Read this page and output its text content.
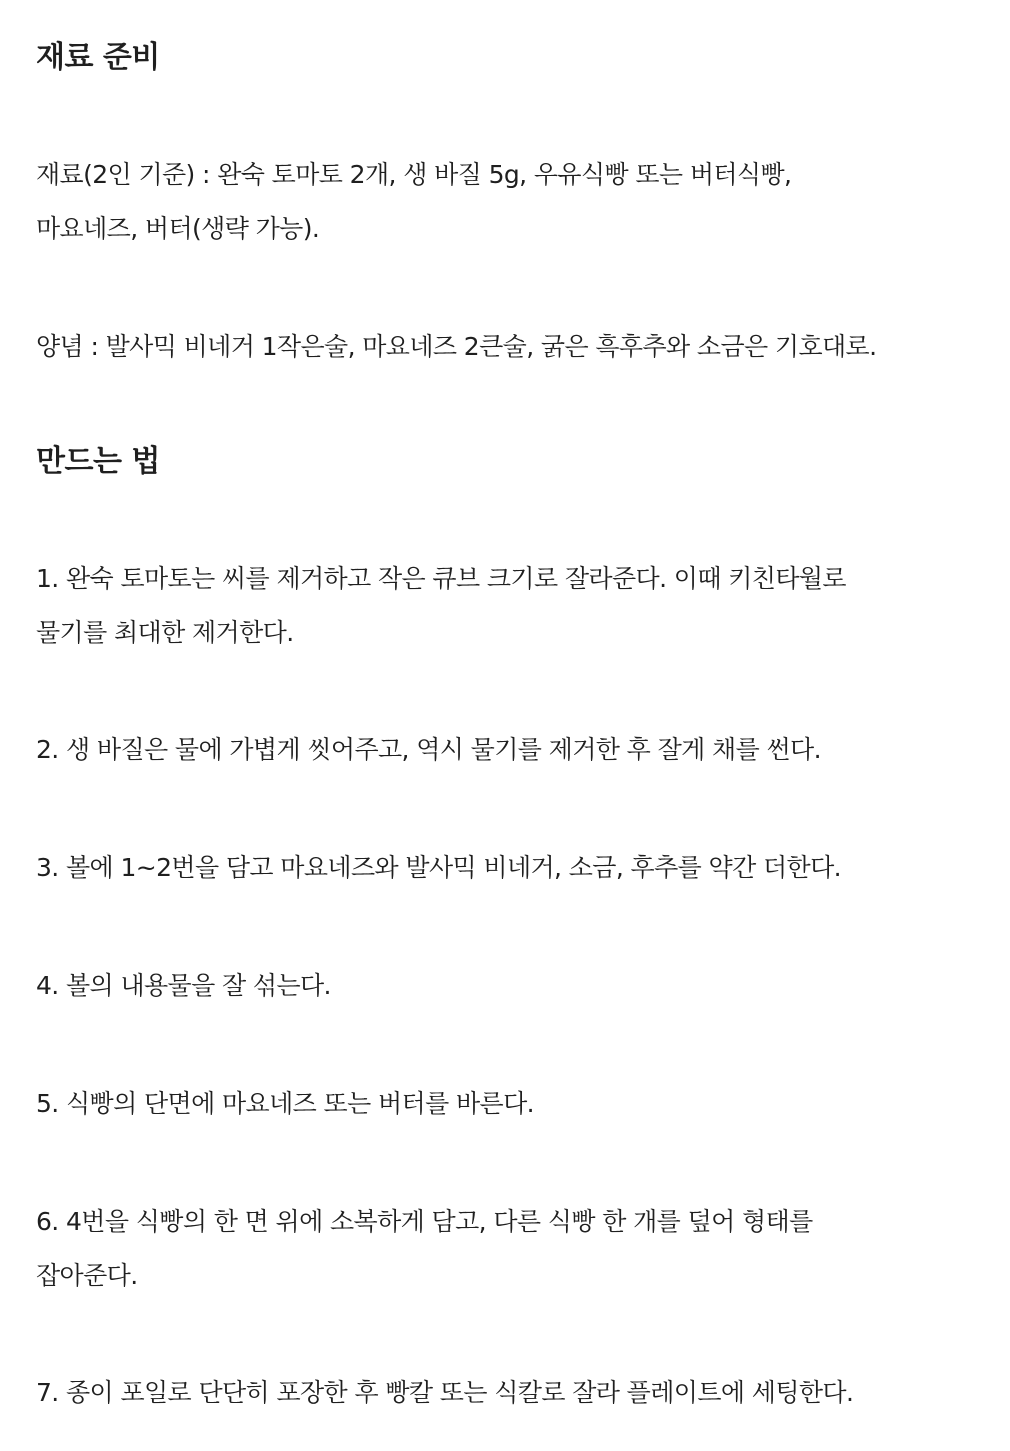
재료 준비

재료(2인 기준) : 완숙 토마토 2개, 생 바질 5g, 우유식빵 또는 버터식빵,
마요네즈, 버터(생략 가능).

양념 : 발사믹 비네거 1작은술, 마요네즈 2큰술, 굵은 흑후추와 소금은 기호대로.

만드는 법

1. 완숙 토마토는 씨를 제거하고 작은 큐브 크기로 잘라준다. 이때 키친타월로
물기를 최대한 제거한다.

2. 생 바질은 물에 가볍게 씻어주고, 역시 물기를 제거한 후 잘게 채를 썬다.

3. 볼에 1~2번을 담고 마요네즈와 발사믹 비네거, 소금, 후추를 약간 더한다.

4. 볼의 내용물을 잘 섞는다.

5. 식빵의 단면에 마요네즈 또는 버터를 바른다.

6. 4번을 식빵의 한 면 위에 소복하게 담고, 다른 식빵 한 개를 덮어 형태를
잡아준다.

7. 종이 포일로 단단히 포장한 후 빵칼 또는 식칼로 잘라 플레이트에 세팅한다.
